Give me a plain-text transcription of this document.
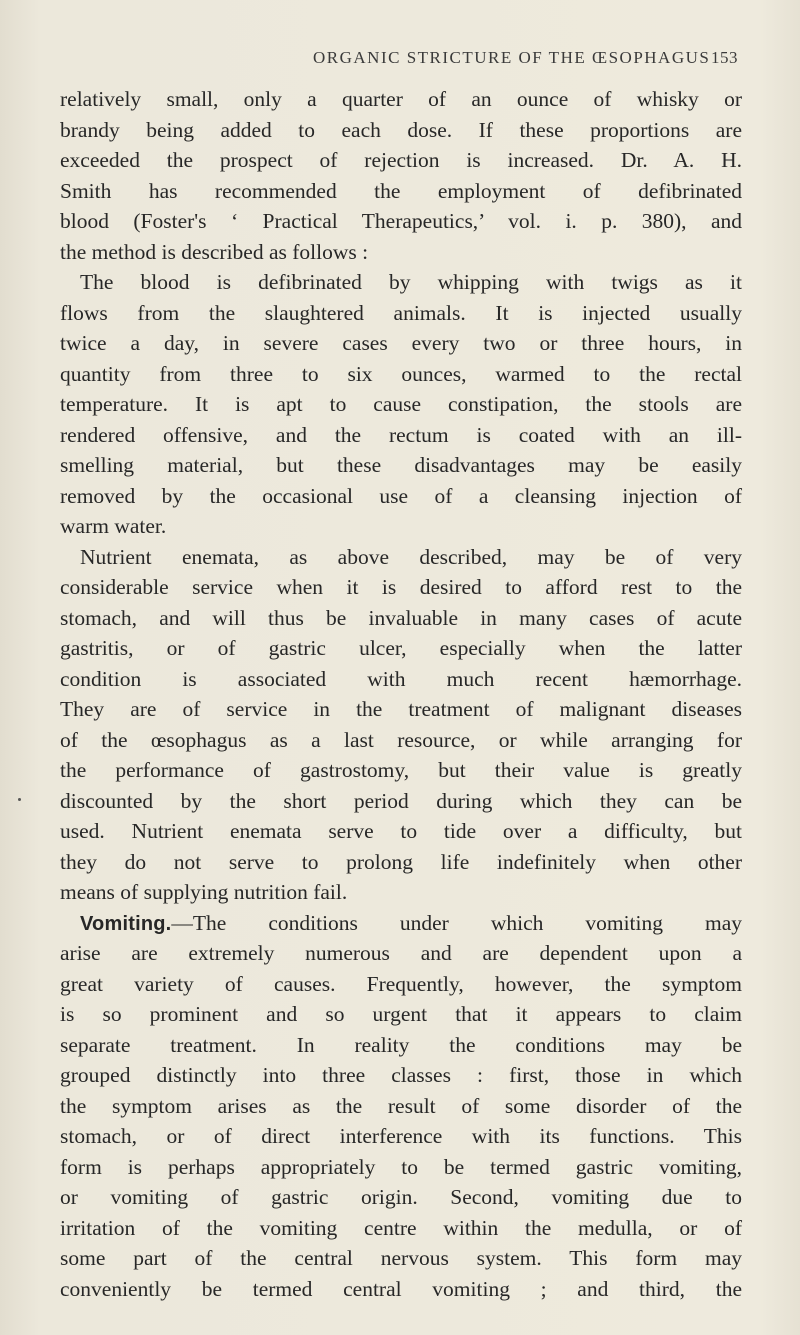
ORGANIC STRICTURE OF THE ŒSOPHAGUS 153
relatively small, only a quarter of an ounce of whisky or
brandy being added to each dose. If these proportions are
exceeded the prospect of rejection is increased. Dr. A. H.
Smith has recommended the employment of defibrinated
blood (Foster's ‘ Practical Therapeutics,’ vol. i. p. 380), and
the method is described as follows :
The blood is defibrinated by whipping with twigs as it
flows from the slaughtered animals. It is injected usually
twice a day, in severe cases every two or three hours, in
quantity from three to six ounces, warmed to the rectal
temperature. It is apt to cause constipation, the stools are
rendered offensive, and the rectum is coated with an ill-
smelling material, but these disadvantages may be easily
removed by the occasional use of a cleansing injection of
warm water.
Nutrient enemata, as above described, may be of very
considerable service when it is desired to afford rest to the
stomach, and will thus be invaluable in many cases of acute
gastritis, or of gastric ulcer, especially when the latter
condition is associated with much recent hæmorrhage.
They are of service in the treatment of malignant diseases
of the œsophagus as a last resource, or while arranging for
the performance of gastrostomy, but their value is greatly
discounted by the short period during which they can be
used. Nutrient enemata serve to tide over a difficulty, but
they do not serve to prolong life indefinitely when other
means of supplying nutrition fail.
Vomiting.—The conditions under which vomiting may
arise are extremely numerous and are dependent upon a
great variety of causes. Frequently, however, the symptom
is so prominent and so urgent that it appears to claim
separate treatment. In reality the conditions may be
grouped distinctly into three classes : first, those in which
the symptom arises as the result of some disorder of the
stomach, or of direct interference with its functions. This
form is perhaps appropriately to be termed gastric vomiting,
or vomiting of gastric origin. Second, vomiting due to
irritation of the vomiting centre within the medulla, or of
some part of the central nervous system. This form may
conveniently be termed central vomiting ; and third, the
